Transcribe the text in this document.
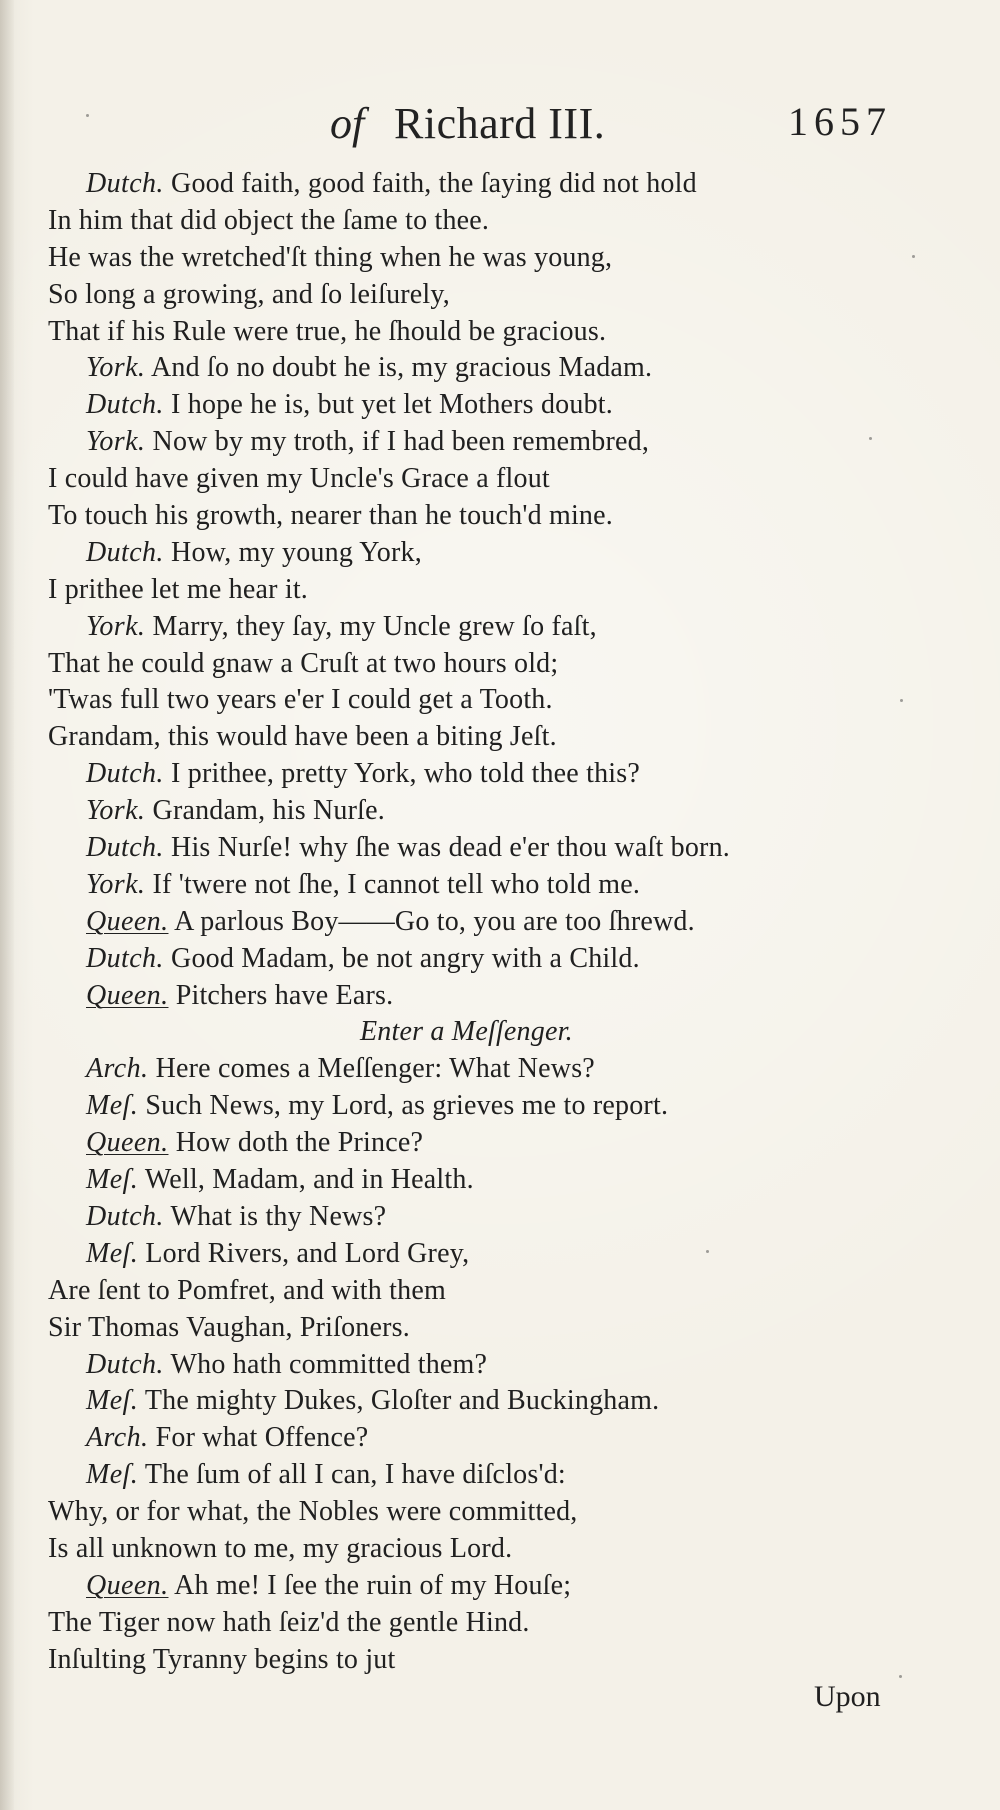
of Richard III.	1657
Dutch. Good faith, good faith, the ſaying did not hold
In him that did object the ſame to thee.
He was the wretched'ſt thing when he was young,
So long a growing, and ſo leiſurely,
That if his Rule were true, he ſhould be gracious.
York. And ſo no doubt he is, my gracious Madam.
Dutch. I hope he is, but yet let Mothers doubt.
York. Now by my troth, if I had been remembred,
I could have given my Uncle's Grace a flout
To touch his growth, nearer than he touch'd mine.
Dutch. How, my young York,
I prithee let me hear it.
York. Marry, they ſay, my Uncle grew ſo faſt,
That he could gnaw a Cruſt at two hours old;
'Twas full two years e'er I could get a Tooth.
Grandam, this would have been a biting Jeſt.
Dutch. I prithee, pretty York, who told thee this?
York. Grandam, his Nurſe.
Dutch. His Nurſe! why ſhe was dead e'er thou waſt born.
York. If 'twere not ſhe, I cannot tell who told me.
Queen. A parlous Boy——Go to, you are too ſhrewd.
Dutch. Good Madam, be not angry with a Child.
Queen. Pitchers have Ears.
Enter a Meſſenger.
Arch. Here comes a Meſſenger: What News?
Meſ. Such News, my Lord, as grieves me to report.
Queen. How doth the Prince?
Meſ. Well, Madam, and in Health.
Dutch. What is thy News?
Meſ. Lord Rivers, and Lord Grey,
Are ſent to Pomfret, and with them
Sir Thomas Vaughan, Priſoners.
Dutch. Who hath committed them?
Meſ. The mighty Dukes, Gloſter and Buckingham.
Arch. For what Offence?
Meſ. The ſum of all I can, I have diſclos'd:
Why, or for what, the Nobles were committed,
Is all unknown to me, my gracious Lord.
Queen. Ah me! I ſee the ruin of my Houſe;
The Tiger now hath ſeiz'd the gentle Hind.
Inſulting Tyranny begins to jut
Upon
